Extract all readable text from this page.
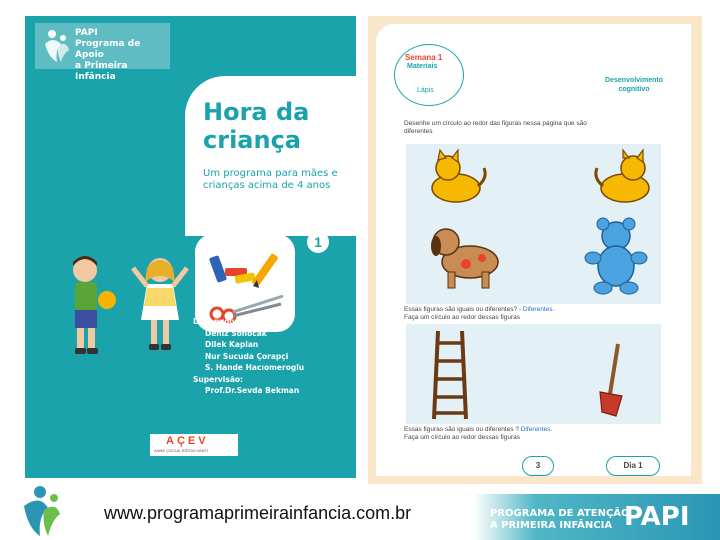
PAPI
Programa de Apoio
a Primeira Infância
Hora da
criança
Um programa para mães e
crianças acima de 4 anos
1
Desenvolvido por:
Deniz Sonocak
Dilek Kaplan
Nur Sucuda Çorapçi
S. Hande Hacıomeroglu
Supervisão:
Prof.Dr.Sevda Bekman
AÇEV
ANNE ÇOCUK EĞİTİM VAKFI
Semana 1
Materiais
Lápis
Desenvolvimento
cognitivo
Desenhe um círculo ao redor das figuras nessa página que são
diferentes
Essas figuras são iguais ou diferentes? - Diferentes.
Faça um círculo ao redor dessas figuras
Essas figuras são iguais ou diferentes ? Diferentes.
Faça um círculo ao redor dessas figuras
3	Dia 1
www.programaprimeirainfancia.com.br	PROGRAMA DE ATENÇÃO
A PRIMEIRA INFÂNCIA PAPI
